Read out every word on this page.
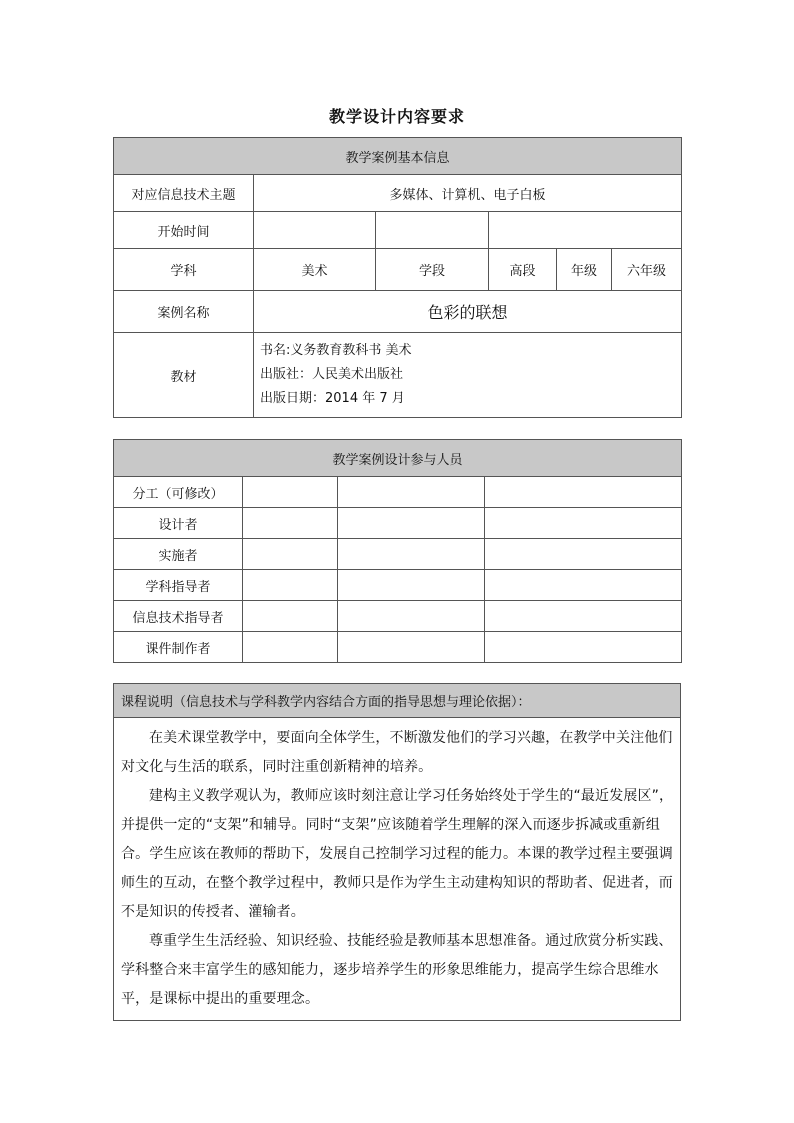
教学设计内容要求
教学案例基本信息					
对应信息技术主题	多媒体、计算机、电子白板				
开始时间					
学科	美术	学段	高段	年级	六年级
案例名称	色彩的联想				
教材	书名:义务教育教科书 美术
出版社：人民美术出版社
出版日期：2014 年 7 月				
教学案例设计参与人员			
分工（可修改）			
设计者			
实施者			
学科指导者			
信息技术指导者			
课件制作者			
课程说明（信息技术与学科教学内容结合方面的指导思想与理论依据）：

在美术课堂教学中，要面向全体学生，不断激发他们的学习兴趣，在教学中关注他们对文化与生活的联系，同时注重创新精神的培养。

建构主义教学观认为，教师应该时刻注意让学习任务始终处于学生的“最近发展区”，并提供一定的“支架”和辅导。同时“支架”应该随着学生理解的深入而逐步拆减或重新组合。学生应该在教师的帮助下，发展自己控制学习过程的能力。本课的教学过程主要强调师生的互动，在整个教学过程中，教师只是作为学生主动建构知识的帮助者、促进者，而不是知识的传授者、灌输者。

尊重学生生活经验、知识经验、技能经验是教师基本思想准备。通过欣赏分析实践、学科整合来丰富学生的感知能力，逐步培养学生的形象思维能力，提高学生综合思维水平，是课标中提出的重要理念。
